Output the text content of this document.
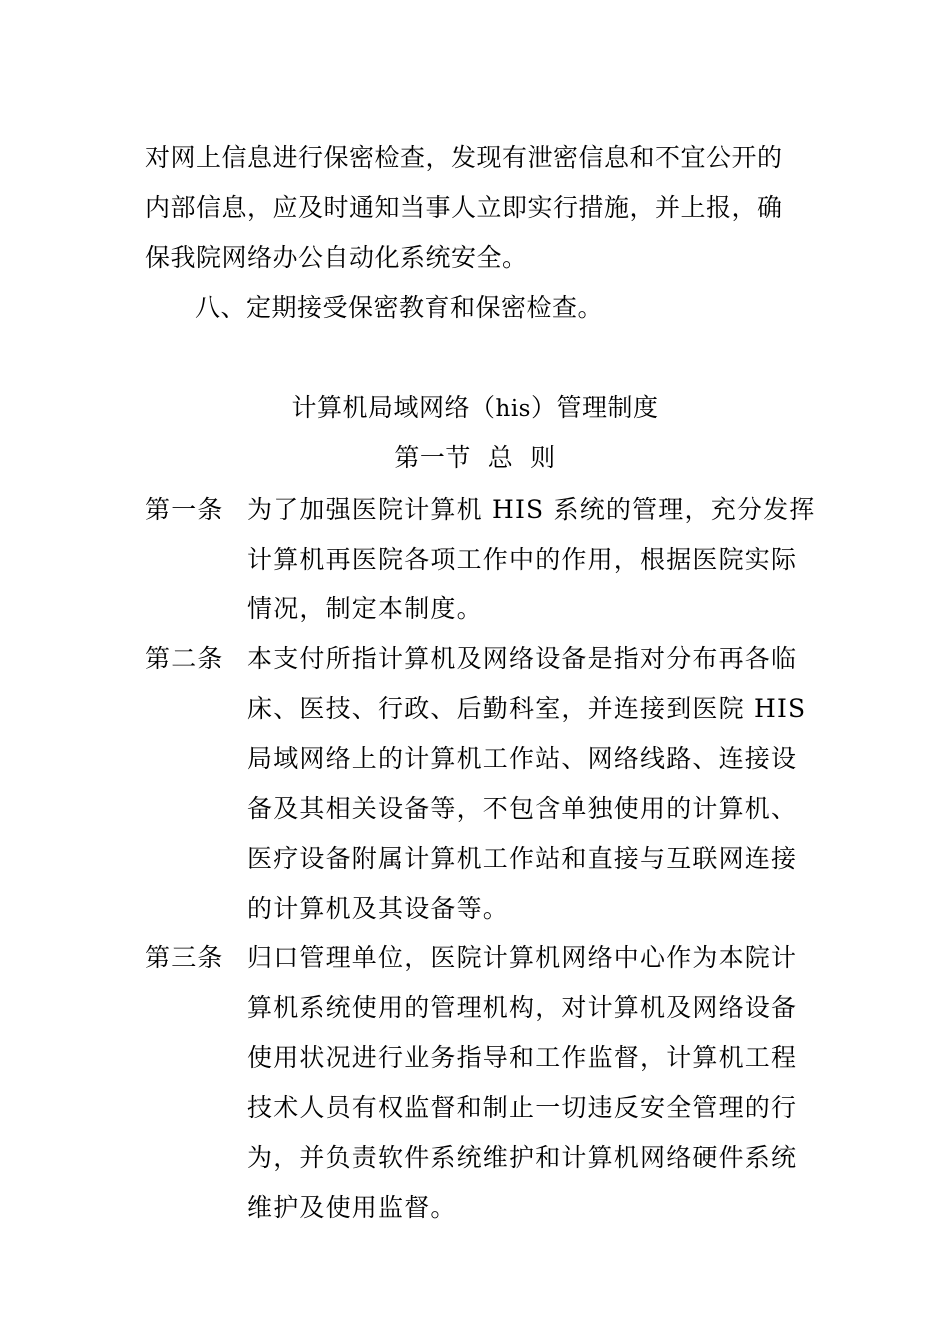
对网上信息进行保密检查，发现有泄密信息和不宜公开的
内部信息，应及时通知当事人立即实行措施，并上报，确
保我院网络办公自动化系统安全。
八、定期接受保密教育和保密检查。
计算机局域网络（his）管理制度
第一节  总  则
第一条 为了加强医院计算机 HIS 系统的管理，充分发挥
计算机再医院各项工作中的作用，根据医院实际
情况，制定本制度。
第二条 本支付所指计算机及网络设备是指对分布再各临
床、医技、行政、后勤科室，并连接到医院 HIS
局域网络上的计算机工作站、网络线路、连接设
备及其相关设备等，不包含单独使用的计算机、
医疗设备附属计算机工作站和直接与互联网连接
的计算机及其设备等。
第三条 归口管理单位，医院计算机网络中心作为本院计
算机系统使用的管理机构，对计算机及网络设备
使用状况进行业务指导和工作监督，计算机工程
技术人员有权监督和制止一切违反安全管理的行
为，并负责软件系统维护和计算机网络硬件系统
维护及使用监督。
